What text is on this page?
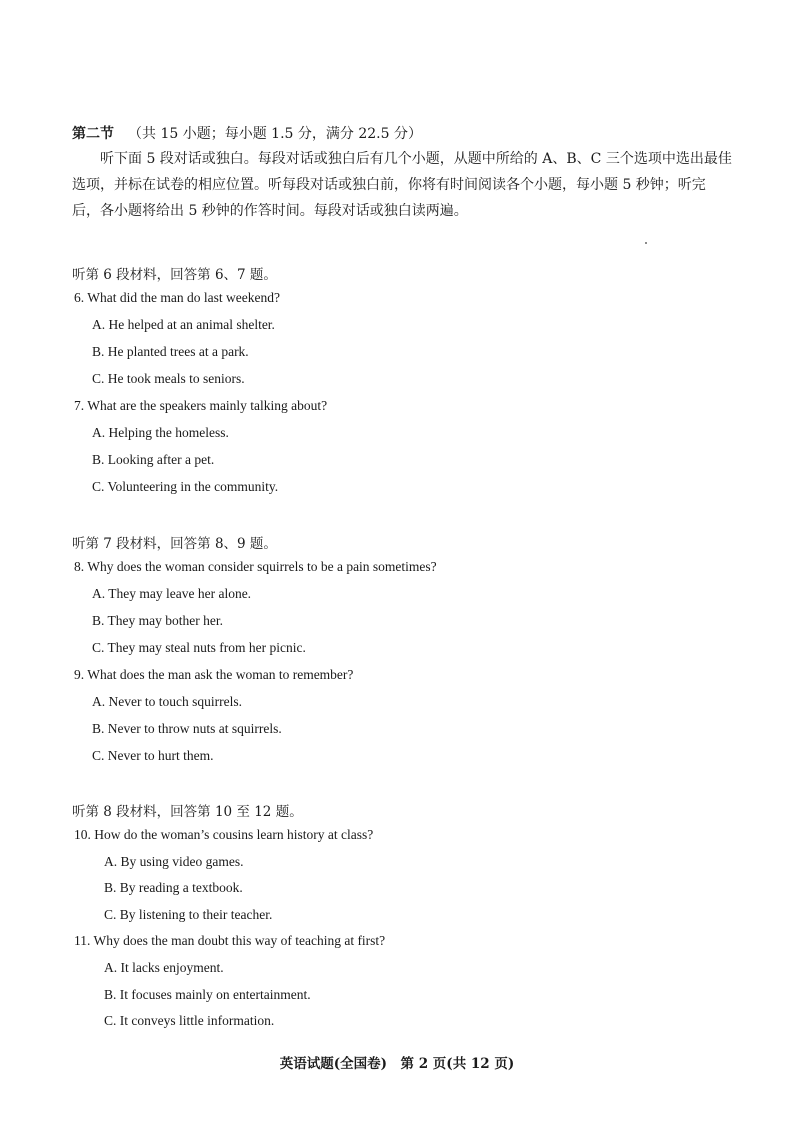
第二节 （共 15 小题；每小题 1.5 分，满分 22.5 分）
听下面 5 段对话或独白。每段对话或独白后有几个小题，从题中所给的 A、B、C 三个选项中选出最佳选项，并标在试卷的相应位置。听每段对话或独白前，你将有时间阅读各个小题，每小题 5 秒钟；听完后，各小题将给出 5 秒钟的作答时间。每段对话或独白读两遍。
听第 6 段材料，回答第 6、7 题。
6. What did the man do last weekend?
A. He helped at an animal shelter.
B. He planted trees at a park.
C. He took meals to seniors.
7. What are the speakers mainly talking about?
A. Helping the homeless.
B. Looking after a pet.
C. Volunteering in the community.
听第 7 段材料，回答第 8、9 题。
8. Why does the woman consider squirrels to be a pain sometimes?
A. They may leave her alone.
B. They may bother her.
C. They may steal nuts from her picnic.
9. What does the man ask the woman to remember?
A. Never to touch squirrels.
B. Never to throw nuts at squirrels.
C. Never to hurt them.
听第 8 段材料，回答第 10 至 12 题。
10. How do the woman’s cousins learn history at class?
A. By using video games.
B. By reading a textbook.
C. By listening to their teacher.
11. Why does the man doubt this way of teaching at first?
A. It lacks enjoyment.
B. It focuses mainly on entertainment.
C. It conveys little information.
英语试题(全国卷)　第 2 页(共 12 页)
